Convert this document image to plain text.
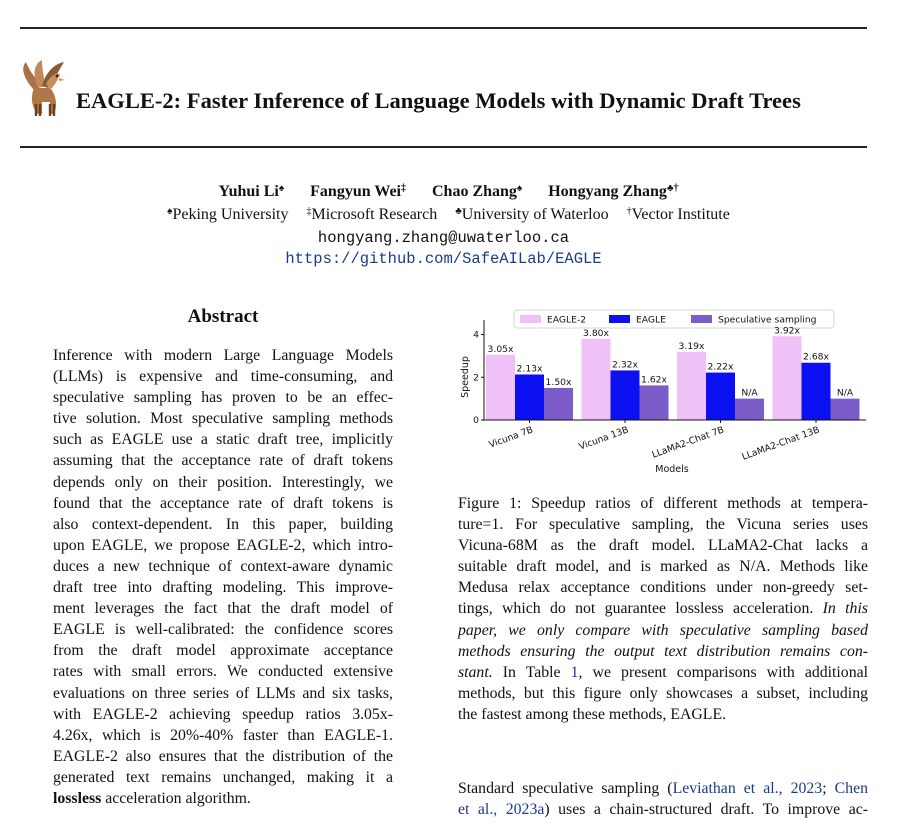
EAGLE-2: Faster Inference of Language Models with Dynamic Draft Trees
Yuhui Li♠ Fangyun Wei‡ Chao Zhang♠ Hongyang Zhang♣†
♠Peking University ‡Microsoft Research ♣University of Waterloo †Vector Institute
hongyang.zhang@uwaterloo.ca
https://github.com/SafeAILab/EAGLE
Abstract
Inference with modern Large Language Models
(LLMs) is expensive and time-consuming, and
speculative sampling has proven to be an effec-
tive solution. Most speculative sampling methods
such as EAGLE use a static draft tree, implicitly
assuming that the acceptance rate of draft tokens
depends only on their position. Interestingly, we
found that the acceptance rate of draft tokens is
also context-dependent. In this paper, building
upon EAGLE, we propose EAGLE-2, which intro-
duces a new technique of context-aware dynamic
draft tree into drafting modeling. This improve-
ment leverages the fact that the draft model of
EAGLE is well-calibrated: the confidence scores
from the draft model approximate acceptance
rates with small errors. We conducted extensive
evaluations on three series of LLMs and six tasks,
with EAGLE-2 achieving speedup ratios 3.05x-
4.26x, which is 20%-40% faster than EAGLE-1.
EAGLE-2 also ensures that the distribution of the
generated text remains unchanged, making it a
lossless acceleration algorithm.
EAGLE-2	EAGLE	Speculative sampling
3.05x
3.80x
3.19x
3.92x
2.13x	2.32x	2.22x
2.68x
1.50x	1.62x
N/A	N/A
0
2
4
Vicuna 7B	Vicuna 13B LLaMA2-Chat 7B LLaMA2-Chat 13B
Speedup
Models
Figure 1: Speedup ratios of different methods at tempera-
ture=1. For speculative sampling, the Vicuna series uses
Vicuna-68M as the draft model. LLaMA2-Chat lacks a
suitable draft model, and is marked as N/A. Methods like
Medusa relax acceptance conditions under non-greedy set-
tings, which do not guarantee lossless acceleration. In this
paper, we only compare with speculative sampling based
methods ensuring the output text distribution remains con-
stant. In Table 1, we present comparisons with additional
methods, but this figure only showcases a subset, including
the fastest among these methods, EAGLE.
Standard speculative sampling (Leviathan et al., 2023; Chen
et al., 2023a) uses a chain-structured draft. To improve ac-
